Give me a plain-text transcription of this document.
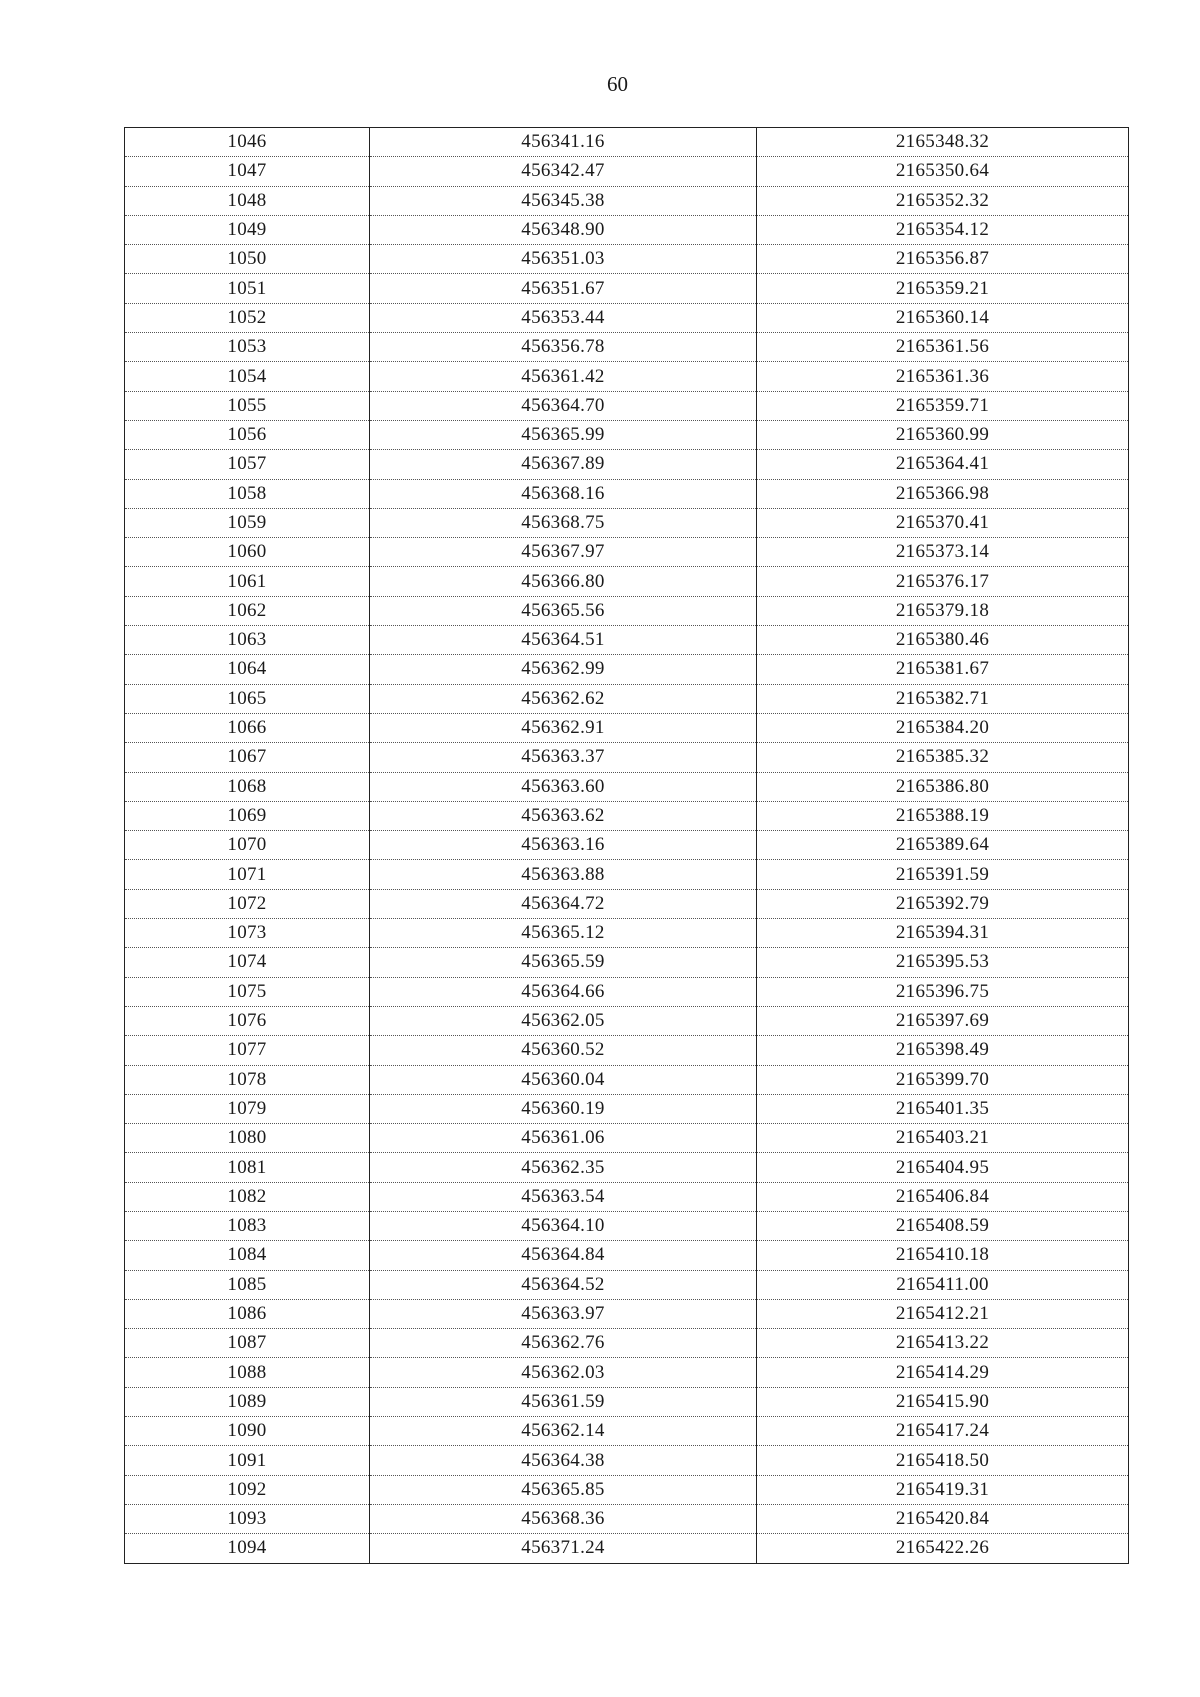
60
1046	456341.16	2165348.32
1047	456342.47	2165350.64
1048	456345.38	2165352.32
1049	456348.90	2165354.12
1050	456351.03	2165356.87
1051	456351.67	2165359.21
1052	456353.44	2165360.14
1053	456356.78	2165361.56
1054	456361.42	2165361.36
1055	456364.70	2165359.71
1056	456365.99	2165360.99
1057	456367.89	2165364.41
1058	456368.16	2165366.98
1059	456368.75	2165370.41
1060	456367.97	2165373.14
1061	456366.80	2165376.17
1062	456365.56	2165379.18
1063	456364.51	2165380.46
1064	456362.99	2165381.67
1065	456362.62	2165382.71
1066	456362.91	2165384.20
1067	456363.37	2165385.32
1068	456363.60	2165386.80
1069	456363.62	2165388.19
1070	456363.16	2165389.64
1071	456363.88	2165391.59
1072	456364.72	2165392.79
1073	456365.12	2165394.31
1074	456365.59	2165395.53
1075	456364.66	2165396.75
1076	456362.05	2165397.69
1077	456360.52	2165398.49
1078	456360.04	2165399.70
1079	456360.19	2165401.35
1080	456361.06	2165403.21
1081	456362.35	2165404.95
1082	456363.54	2165406.84
1083	456364.10	2165408.59
1084	456364.84	2165410.18
1085	456364.52	2165411.00
1086	456363.97	2165412.21
1087	456362.76	2165413.22
1088	456362.03	2165414.29
1089	456361.59	2165415.90
1090	456362.14	2165417.24
1091	456364.38	2165418.50
1092	456365.85	2165419.31
1093	456368.36	2165420.84
1094	456371.24	2165422.26
